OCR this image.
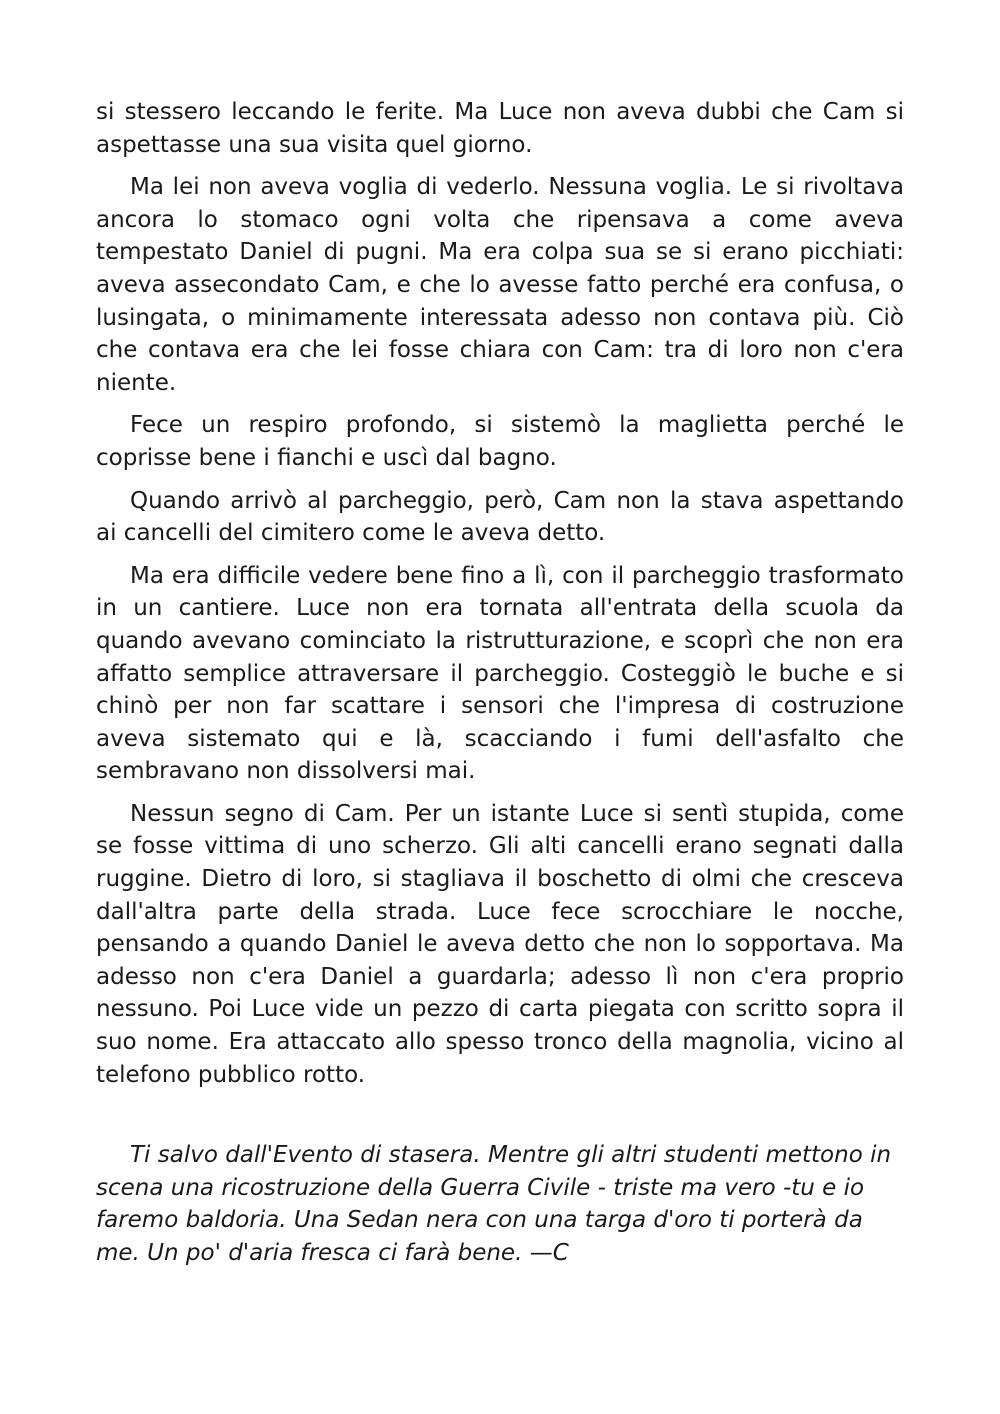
si stessero leccando le ferite. Ma Luce non aveva dubbi che Cam si aspettasse una sua visita quel giorno.

Ma lei non aveva voglia di vederlo. Nessuna voglia. Le si rivoltava ancora lo stomaco ogni volta che ripensava a come aveva tempestato Daniel di pugni. Ma era colpa sua se si erano picchiati: aveva assecondato Cam, e che lo avesse fatto perché era confusa, o lusingata, o minimamente interessata adesso non contava più. Ciò che contava era che lei fosse chiara con Cam: tra di loro non c'era niente.

Fece un respiro profondo, si sistemò la maglietta perché le coprisse bene i fianchi e uscì dal bagno.

Quando arrivò al parcheggio, però, Cam non la stava aspettando ai cancelli del cimitero come le aveva detto.

Ma era difficile vedere bene fino a lì, con il parcheggio trasformato in un cantiere. Luce non era tornata all'entrata della scuola da quando avevano cominciato la ristrutturazione, e scoprì che non era affatto semplice attraversare il parcheggio. Costeggiò le buche e si chinò per non far scattare i sensori che l'impresa di costruzione aveva sistemato qui e là, scacciando i fumi dell'asfalto che sembravano non dissolversi mai.

Nessun segno di Cam. Per un istante Luce si sentì stupida, come se fosse vittima di uno scherzo. Gli alti cancelli erano segnati dalla ruggine. Dietro di loro, si stagliava il boschetto di olmi che cresceva dall'altra parte della strada. Luce fece scrocchiare le nocche, pensando a quando Daniel le aveva detto che non lo sopportava. Ma adesso non c'era Daniel a guardarla; adesso lì non c'era proprio nessuno. Poi Luce vide un pezzo di carta piegata con scritto sopra il suo nome. Era attaccato allo spesso tronco della magnolia, vicino al telefono pubblico rotto.

Ti salvo dall'Evento di stasera. Mentre gli altri studenti mettono in scena una ricostruzione della Guerra Civile - triste ma vero -tu e io faremo baldoria. Una Sedan nera con una targa d'oro ti porterà da me. Un po' d'aria fresca ci farà bene. —C
